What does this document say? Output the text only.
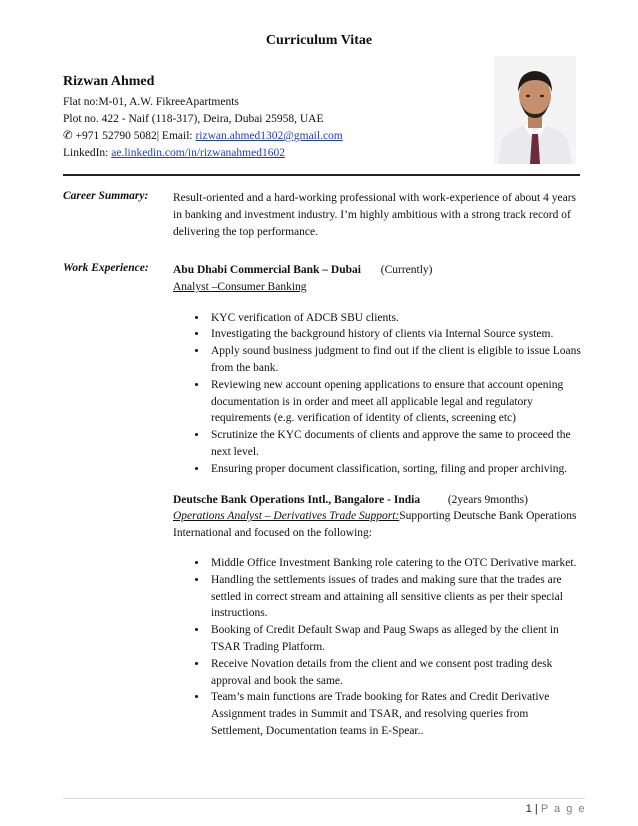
Curriculum Vitae
Rizwan Ahmed
Flat no:M-01, A.W. FikreeApartments
Plot no. 422 - Naif (118-317), Deira, Dubai 25958, UAE
✆ +971 52790 5082| Email: rizwan.ahmed1302@gmail.com
LinkedIn: ae.linkedin.com/in/rizwanahmed1602
Career Summary: Result-oriented and a hard-working professional with work-experience of about 4 years in banking and investment industry. I’m highly ambitious with a strong track record of delivering the top performance.
Work Experience: Abu Dhabi Commercial Bank – Dubai (Currently)
Analyst –Consumer Banking
• KYC verification of ADCB SBU clients.
• Investigating the background history of clients via Internal Source system.
• Apply sound business judgment to find out if the client is eligible to issue Loans from the bank.
• Reviewing new account opening applications to ensure that account opening documentation is in order and meet all applicable legal and regulatory requirements (e.g. verification of identity of clients, screening etc)
• Scrutinize the KYC documents of clients and approve the same to proceed the next level.
• Ensuring proper document classification, sorting, filing and proper archiving.
Deutsche Bank Operations Intl., Bangalore - India (2years 9months)
Operations Analyst – Derivatives Trade Support:Supporting Deutsche Bank Operations International and focused on the following:
• Middle Office Investment Banking role catering to the OTC Derivative market.
• Handling the settlements issues of trades and making sure that the trades are settled in correct stream and attaining all sensitive clients as per their special instructions.
• Booking of Credit Default Swap and Paug Swaps as alleged by the client in TSAR Trading Platform.
• Receive Novation details from the client and we consent post trading desk approval and book the same.
• Team’s main functions are Trade booking for Rates and Credit Derivative Assignment trades in Summit and TSAR, and resolving queries from Settlement, Documentation teams in E-Spear..
1 | P a g e
